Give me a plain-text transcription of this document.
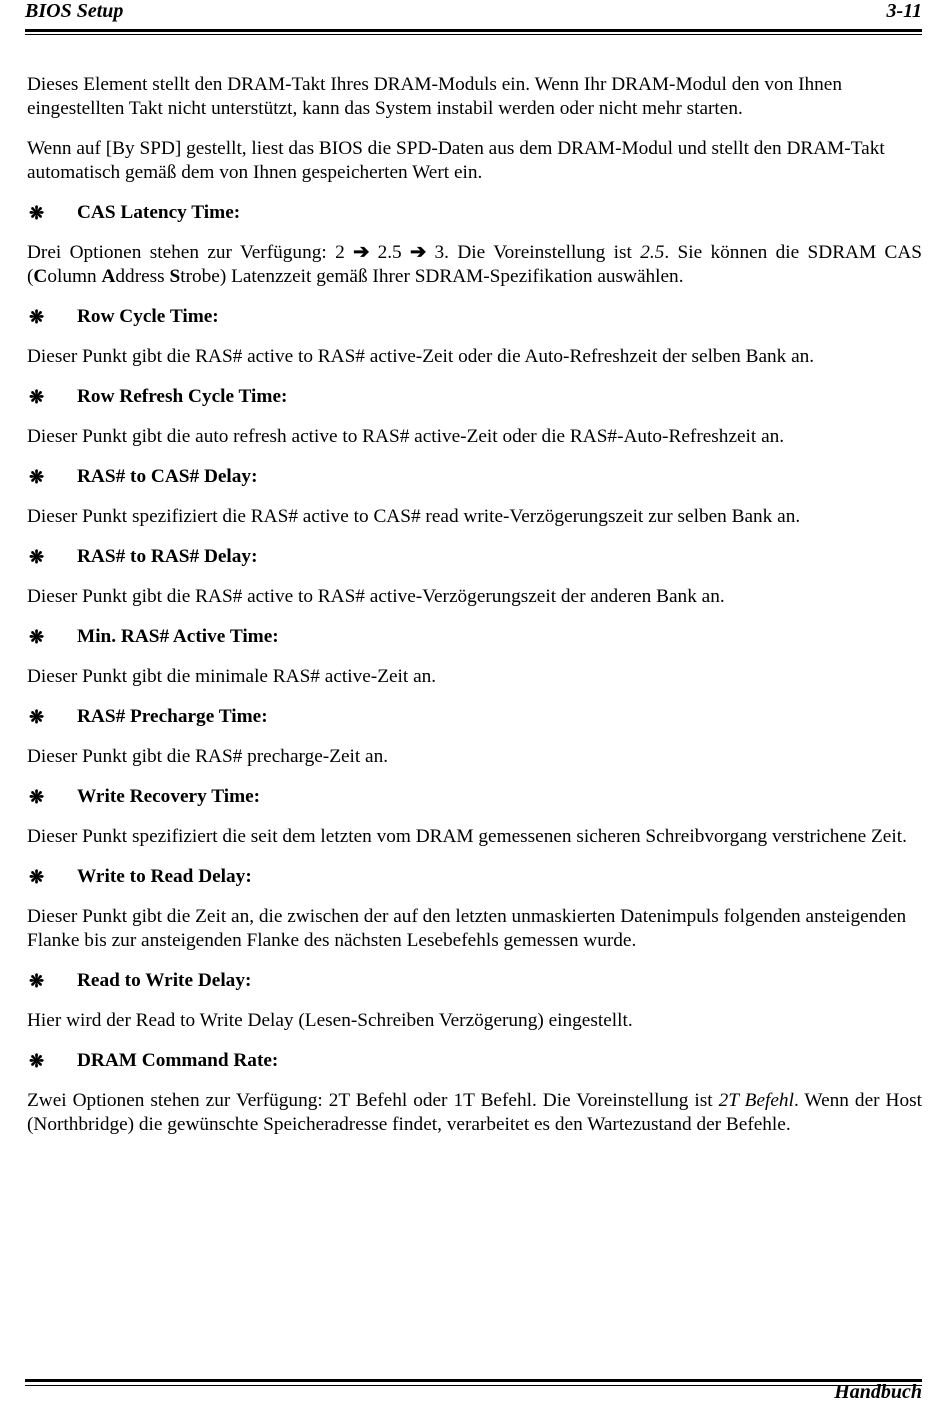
BIOS Setup	3-11

Dieses Element stellt den DRAM-Takt Ihres DRAM-Moduls ein. Wenn Ihr DRAM-Modul den von Ihnen eingestellten Takt nicht unterstützt, kann das System instabil werden oder nicht mehr starten.

Wenn auf [By SPD] gestellt, liest das BIOS die SPD-Daten aus dem DRAM-Modul und stellt den DRAM-Takt automatisch gemäß dem von Ihnen gespeicherten Wert ein.

❋	CAS Latency Time:

Drei Optionen stehen zur Verfügung: 2 ➔ 2.5 ➔ 3. Die Voreinstellung ist 2.5. Sie können die SDRAM CAS (Column Address Strobe) Latenzzeit gemäß Ihrer SDRAM-Spezifikation auswählen.

❋	Row Cycle Time:

Dieser Punkt gibt die RAS# active to RAS# active-Zeit oder die Auto-Refreshzeit der selben Bank an.

❋	Row Refresh Cycle Time:

Dieser Punkt gibt die auto refresh active to RAS# active-Zeit oder die RAS#-Auto-Refreshzeit an.

❋	RAS# to CAS# Delay:

Dieser Punkt spezifiziert die RAS# active to CAS# read write-Verzögerungszeit zur selben Bank an.

❋	RAS# to RAS# Delay:

Dieser Punkt gibt die RAS# active to RAS# active-Verzögerungszeit der anderen Bank an.

❋	Min. RAS# Active Time:

Dieser Punkt gibt die minimale RAS# active-Zeit an.

❋	RAS# Precharge Time:

Dieser Punkt gibt die RAS# precharge-Zeit an.

❋	Write Recovery Time:

Dieser Punkt spezifiziert die seit dem letzten vom DRAM gemessenen sicheren Schreibvorgang verstrichene Zeit.

❋	Write to Read Delay:

Dieser Punkt gibt die Zeit an, die zwischen der auf den letzten unmaskierten Datenimpuls folgenden ansteigenden Flanke bis zur ansteigenden Flanke des nächsten Lesebefehls gemessen wurde.

❋	Read to Write Delay:

Hier wird der Read to Write Delay (Lesen-Schreiben Verzögerung) eingestellt.

❋	DRAM Command Rate:

Zwei Optionen stehen zur Verfügung: 2T Befehl oder 1T Befehl. Die Voreinstellung ist 2T Befehl. Wenn der Host (Northbridge) die gewünschte Speicheradresse findet, verarbeitet es den Wartezustand der Befehle.

Handbuch
